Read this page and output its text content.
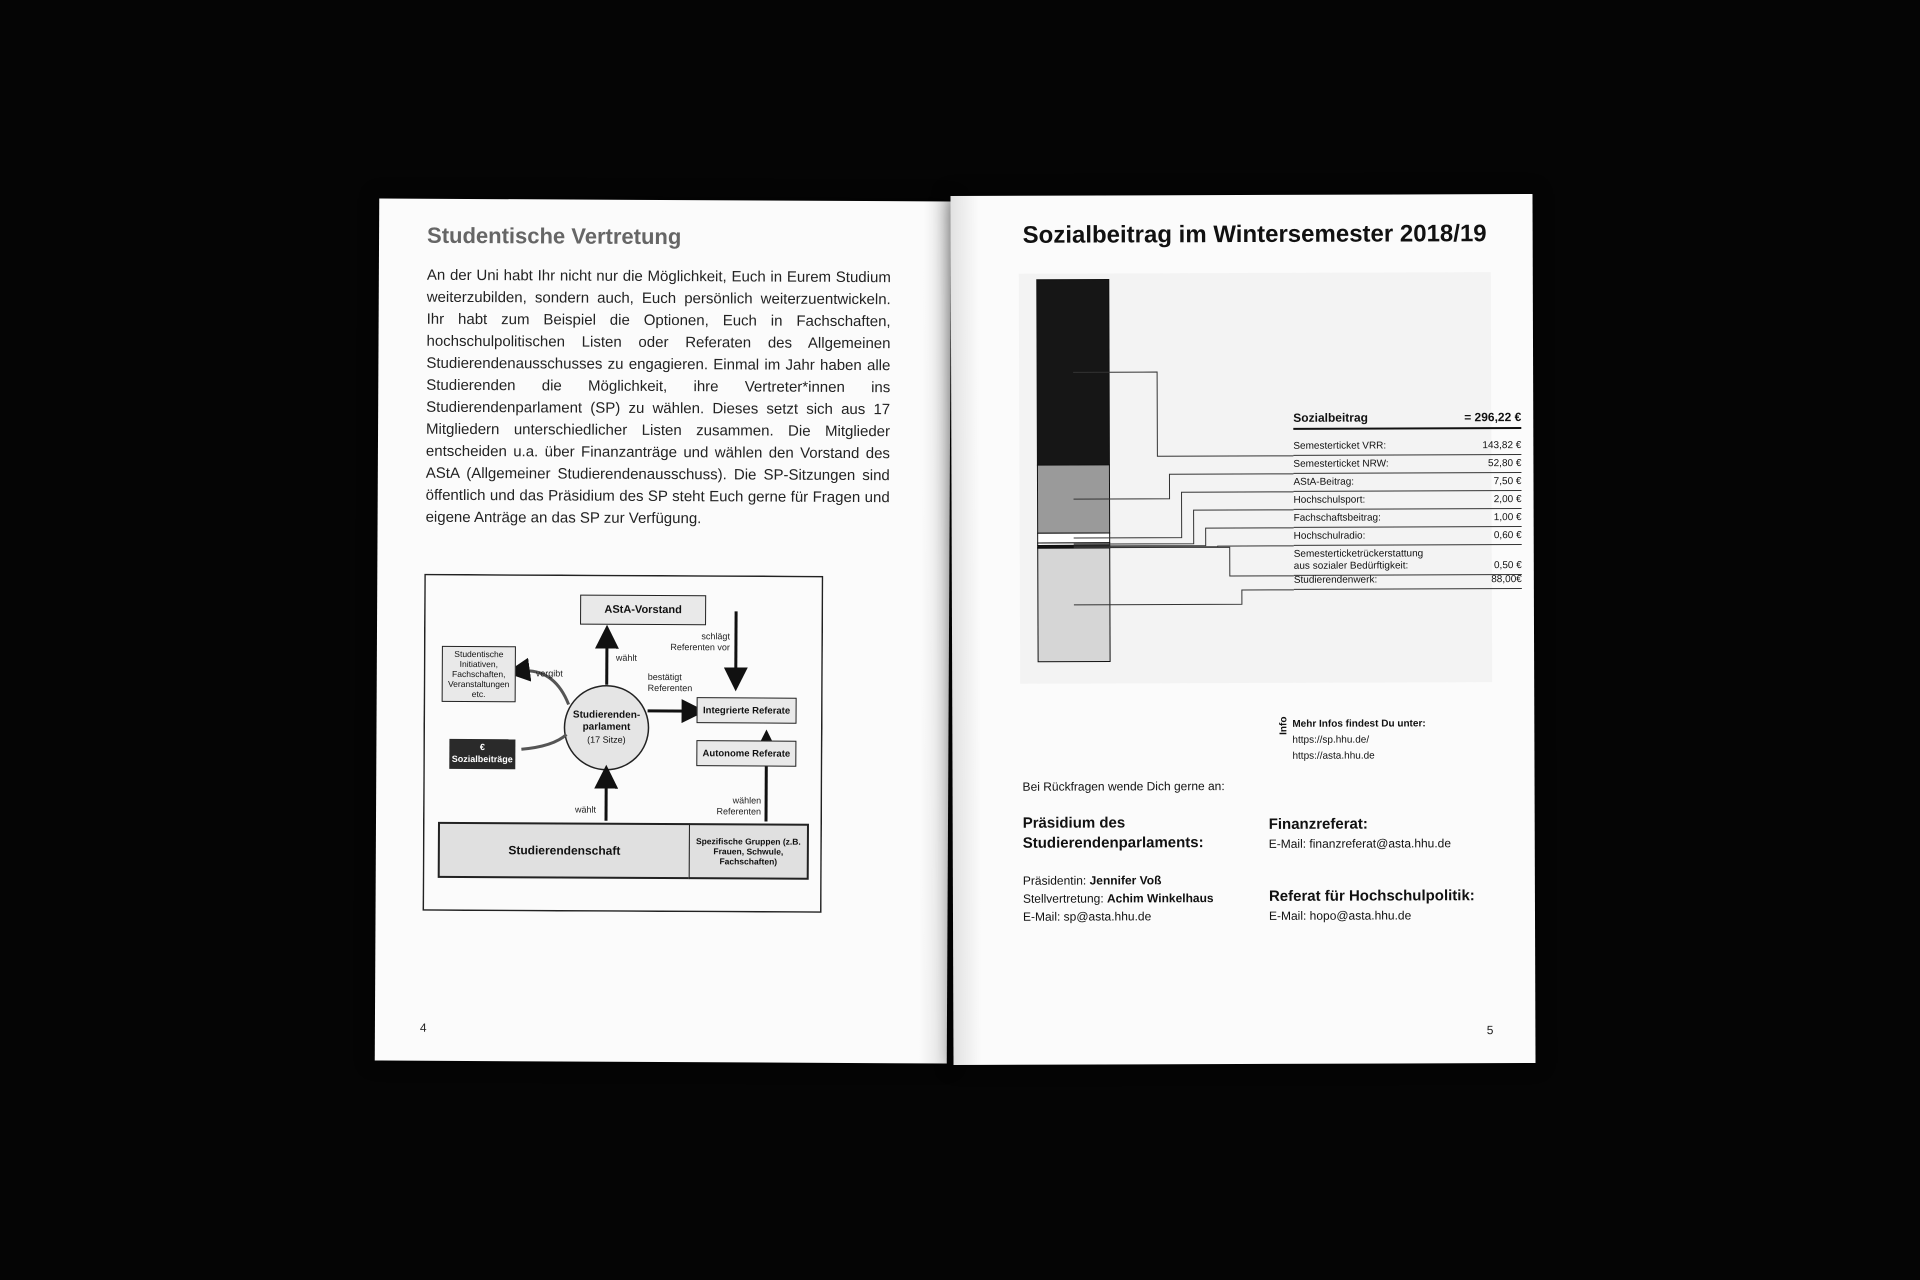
Studentische Vertretung

An der Uni habt Ihr nicht nur die Möglichkeit, Euch in Eurem Studium weiterzubilden, sondern auch, Euch persönlich weiterzuentwickeln. Ihr habt zum Beispiel die Optionen, Euch in Fachschaften, hochschulpolitischen Listen oder Referaten des Allgemeinen Studierendenausschusses zu engagieren. Einmal im Jahr haben alle Studierenden die Möglichkeit, ihre Vertreter*innen ins Studierendenparlament (SP) zu wählen. Dieses setzt sich aus 17 Mitgliedern unterschiedlicher Listen zusammen. Die Mitglieder entscheiden u.a. über Finanzanträge und wählen den Vorstand des AStA (Allgemeiner Studierendenausschuss). Die SP-Sitzungen sind öffentlich und das Präsidium des SP steht Euch gerne für Fragen und eigene Anträge an das SP zur Verfügung.

AStA-Vorstand
Studentische Initiativen, Fachschaften, Veranstaltungen etc.
vergibt
wählt
schlägt Referenten vor
bestätigt Referenten
Studierenden-parlament
(17 Sitze)
Integrierte Referate
Autonome Referate
€
Sozialbeiträge
wählt
wählen Referenten
Studierendenschaft
Spezifische Gruppen (z.B. Frauen, Schwule, Fachschaften)
4
Sozialbeitrag im Wintersemester 2018/19
Sozialbeitrag	= 296,22 €
Semesterticket VRR:	143,82 €
Semesterticket NRW:	52,80 €
AStA-Beitrag:	7,50 €
Hochschulsport:	2,00 €
Fachschaftsbeitrag:	1,00 €
Hochschulradio:	0,60 €
Semesterticketrückerstattung aus sozialer Bedürftigkeit:	0,50 €
Studierendenwerk:	88,00€
Info Mehr Infos findest Du unter:
https://sp.hhu.de/
https://asta.hhu.de
Bei Rückfragen wende Dich gerne an:
Präsidium des Studierendenparlaments:
Präsidentin: Jennifer Voß
Stellvertretung: Achim Winkelhaus
E-Mail: sp@asta.hhu.de
Finanzreferat:
E-Mail: finanzreferat@asta.hhu.de
Referat für Hochschulpolitik:
E-Mail: hopo@asta.hhu.de
5
